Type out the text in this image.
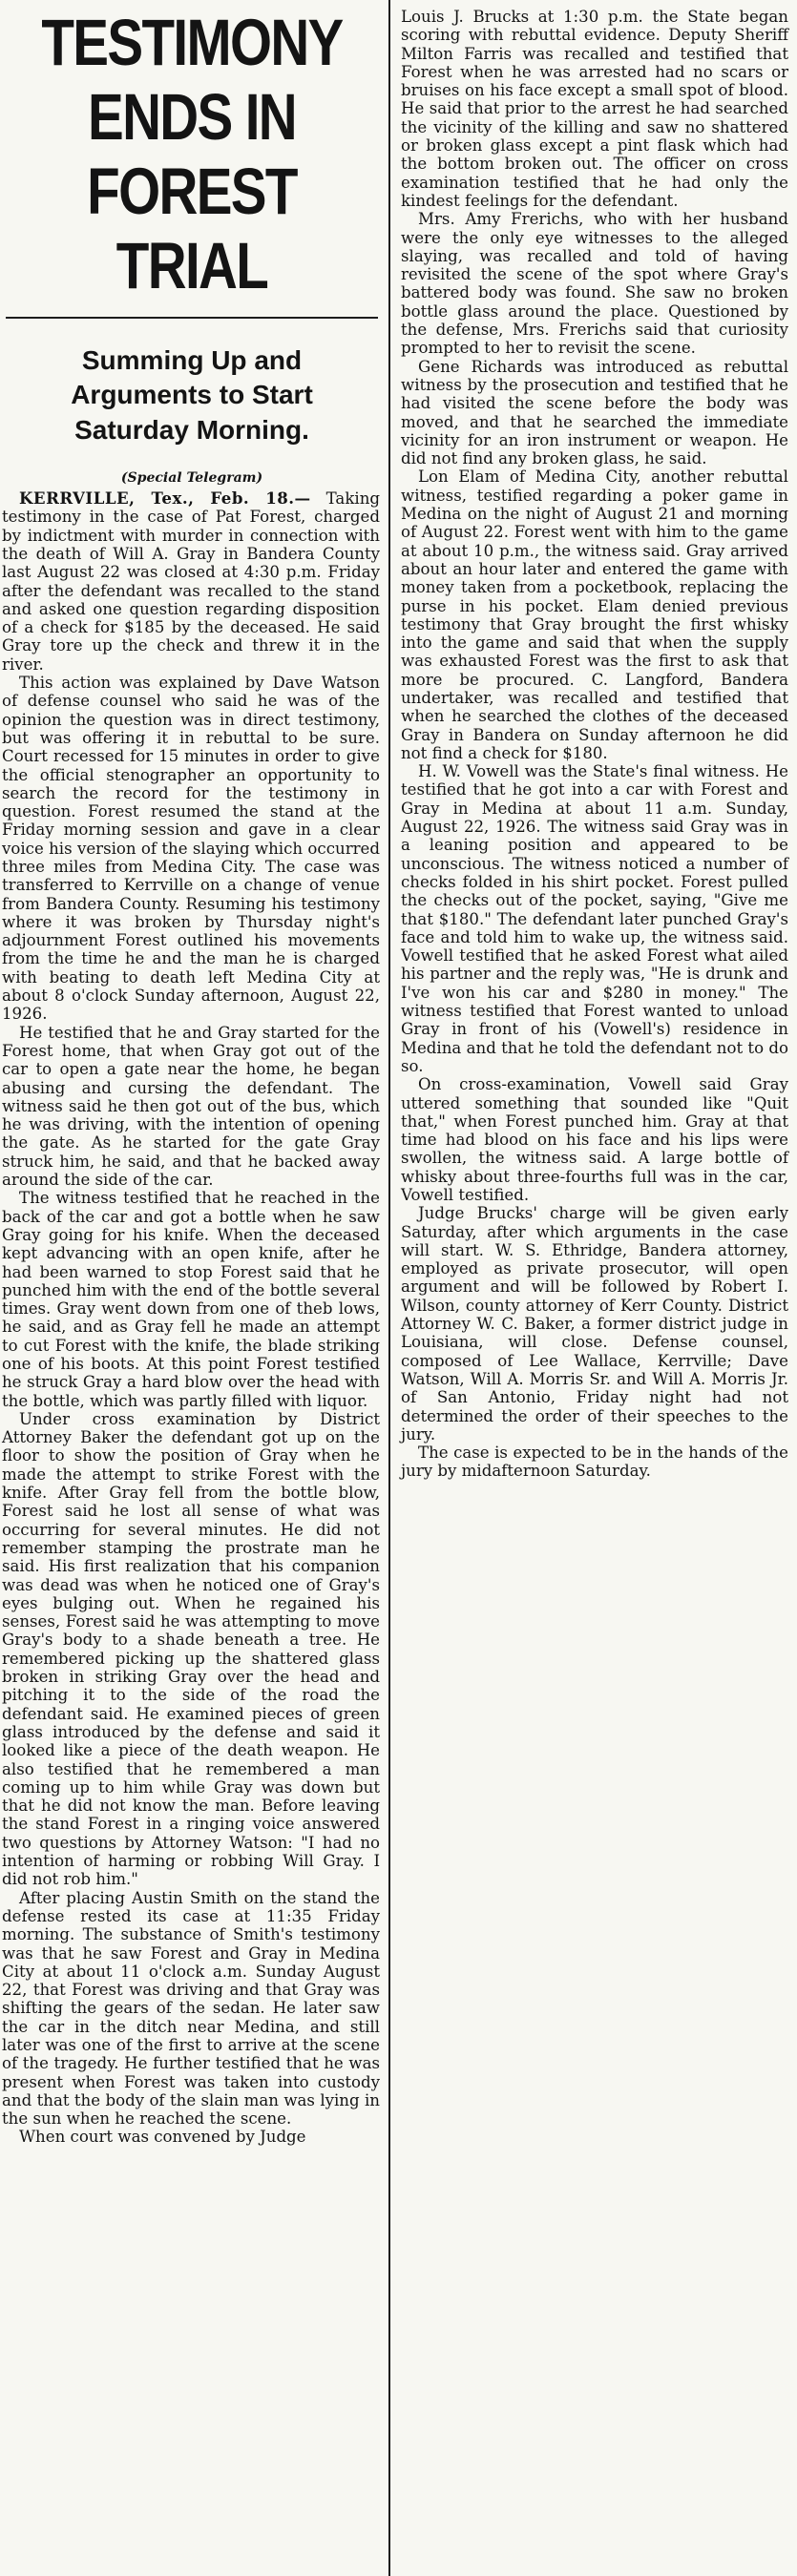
TESTIMONY ENDS IN FOREST TRIAL
Summing Up and Arguments to Start Saturday Morning.
(Special Telegram)

KERRVILLE, Tex., Feb. 18.— Taking testimony in the case of Pat Forest, charged by indictment with murder in connection with the death of Will A. Gray in Bandera County last August 22 was closed at 4:30 p.m. Friday after the defendant was recalled to the stand and asked one question regarding disposition of a check for $185 by the deceased. He said Gray tore up the check and threw it in the river.

This action was explained by Dave Watson of defense counsel who said he was of the opinion the question was in direct testimony, but was offering it in rebuttal to be sure. Court recessed for 15 minutes in order to give the official stenographer an opportunity to search the record for the testimony in question. Forest resumed the stand at the Friday morning session and gave in a clear voice his version of the slaying which occurred three miles from Medina City. The case was transferred to Kerrville on a change of venue from Bandera County. Resuming his testimony where it was broken by Thursday night's adjournment Forest outlined his movements from the time he and the man he is charged with beating to death left Medina City at about 8 o'clock Sunday afternoon, August 22, 1926.

He testified that he and Gray started for the Forest home, that when Gray got out of the car to open a gate near the home, he began abusing and cursing the defendant. The witness said he then got out of the bus, which he was driving, with the intention of opening the gate. As he started for the gate Gray struck him, he said, and that he backed away around the side of the car.

The witness testified that he reached in the back of the car and got a bottle when he saw Gray going for his knife. When the deceased kept advancing with an open knife, after he had been warned to stop Forest said that he punched him with the end of the bottle several times. Gray went down from one of theb lows, he said, and as Gray fell he made an attempt to cut Forest with the knife, the blade striking one of his boots. At this point Forest testified he struck Gray a hard blow over the head with the bottle, which was partly filled with liquor.

Under cross examination by District Attorney Baker the defendant got up on the floor to show the position of Gray when he made the attempt to strike Forest with the knife. After Gray fell from the bottle blow, Forest said he lost all sense of what was occurring for several minutes. He did not remember stamping the prostrate man he said. His first realization that his companion was dead was when he noticed one of Gray's eyes bulging out. When he regained his senses, Forest said he was attempting to move Gray's body to a shade beneath a tree. He remembered picking up the shattered glass broken in striking Gray over the head and pitching it to the side of the road the defendant said. He examined pieces of green glass introduced by the defense and said it looked like a piece of the death weapon. He also testified that he remembered a man coming up to him while Gray was down but that he did not know the man. Before leaving the stand Forest in a ringing voice answered two questions by Attorney Watson: "I had no intention of harming or robbing Will Gray. I did not rob him."

After placing Austin Smith on the stand the defense rested its case at 11:35 Friday morning. The substance of Smith's testimony was that he saw Forest and Gray in Medina City at about 11 o'clock a.m. Sunday August 22, that Forest was driving and that Gray was shifting the gears of the sedan. He later saw the car in the ditch near Medina, and still later was one of the first to arrive at the scene of the tragedy. He further testified that he was present when Forest was taken into custody and that the body of the slain man was lying in the sun when he reached the scene.

When court was convened by Judge

Louis J. Brucks at 1:30 p.m. the State began scoring with rebuttal evidence. Deputy Sheriff Milton Farris was recalled and testified that Forest when he was arrested had no scars or bruises on his face except a small spot of blood. He said that prior to the arrest he had searched the vicinity of the killing and saw no shattered or broken glass except a pint flask which had the bottom broken out. The officer on cross examination testified that he had only the kindest feelings for the defendant.

Mrs. Amy Frerichs, who with her husband were the only eye witnesses to the alleged slaying, was recalled and told of having revisited the scene of the spot where Gray's battered body was found. She saw no broken bottle glass around the place. Questioned by the defense, Mrs. Frerichs said that curiosity prompted to her to revisit the scene.

Gene Richards was introduced as rebuttal witness by the prosecution and testified that he had visited the scene before the body was moved, and that he searched the immediate vicinity for an iron instrument or weapon. He did not find any broken glass, he said.

Lon Elam of Medina City, another rebuttal witness, testified regarding a poker game in Medina on the night of August 21 and morning of August 22. Forest went with him to the game at about 10 p.m., the witness said. Gray arrived about an hour later and entered the game with money taken from a pocketbook, replacing the purse in his pocket. Elam denied previous testimony that Gray brought the first whisky into the game and said that when the supply was exhausted Forest was the first to ask that more be procured. C. Langford, Bandera undertaker, was recalled and testified that when he searched the clothes of the deceased Gray in Bandera on Sunday afternoon he did not find a check for $180.

H. W. Vowell was the State's final witness. He testified that he got into a car with Forest and Gray in Medina at about 11 a.m. Sunday, August 22, 1926. The witness said Gray was in a leaning position and appeared to be unconscious. The witness noticed a number of checks folded in his shirt pocket. Forest pulled the checks out of the pocket, saying, "Give me that $180." The defendant later punched Gray's face and told him to wake up, the witness said. Vowell testified that he asked Forest what ailed his partner and the reply was, "He is drunk and I've won his car and $280 in money." The witness testified that Forest wanted to unload Gray in front of his (Vowell's) residence in Medina and that he told the defendant not to do so.

On cross-examination, Vowell said Gray uttered something that sounded like "Quit that," when Forest punched him. Gray at that time had blood on his face and his lips were swollen, the witness said. A large bottle of whisky about three-fourths full was in the car, Vowell testified.

Judge Brucks' charge will be given early Saturday, after which arguments in the case will start. W. S. Ethridge, Bandera attorney, employed as private prosecutor, will open argument and will be followed by Robert I. Wilson, county attorney of Kerr County. District Attorney W. C. Baker, a former district judge in Louisiana, will close. Defense counsel, composed of Lee Wallace, Kerrville; Dave Watson, Will A. Morris Sr. and Will A. Morris Jr. of San Antonio, Friday night had not determined the order of their speeches to the jury.

The case is expected to be in the hands of the jury by midafternoon Saturday.
